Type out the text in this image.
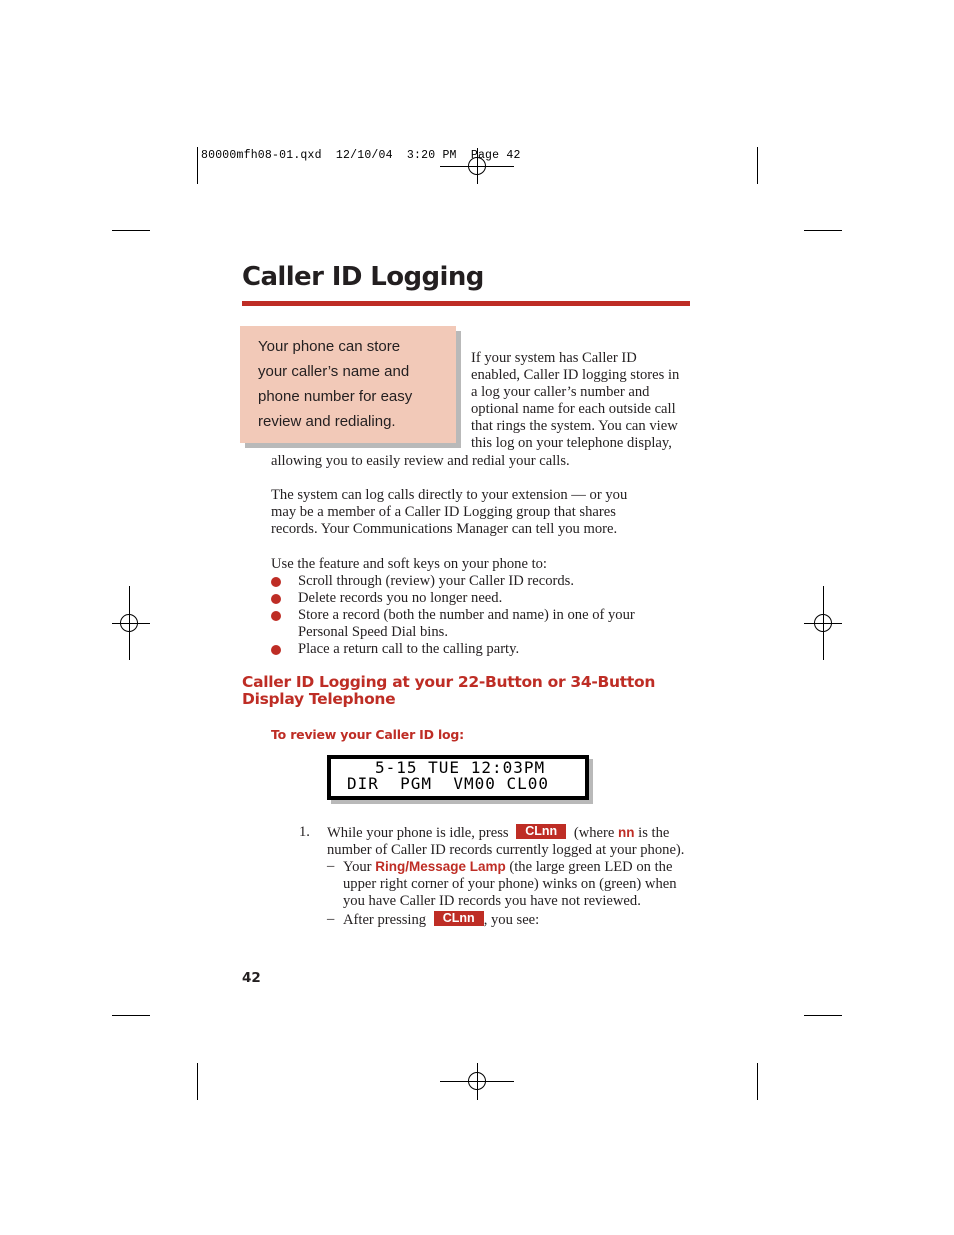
80000mfh08-01.qxd  12/10/04  3:20 PM  Page 42
Caller ID Logging
Your phone can store
your caller’s name and
phone number for easy
review and redialing.
If your system has Caller ID
enabled, Caller ID logging stores in
a log your caller’s number and
optional name for each outside call
that rings the system. You can view
this log on your telephone display,
allowing you to easily review and redial your calls.
The system can log calls directly to your extension — or you
may be a member of a Caller ID Logging group that shares
records. Your Communications Manager can tell you more.
Use the feature and soft keys on your phone to:
Scroll through (review) your Caller ID records.
Delete records you no longer need.
Store a record (both the number and name) in one of your
Personal Speed Dial bins.
Place a return call to the calling party.
Caller ID Logging at your 22-Button or 34-Button
Display Telephone
To review your Caller ID log:
5-15 TUE 12:03PM
DIR  PGM  VM00 CL00
1. While your phone is idle, press CLnn (where nn is the
number of Caller ID records currently logged at your phone).
– Your Ring/Message Lamp (the large green LED on the
upper right corner of your phone) winks on (green) when
you have Caller ID records you have not reviewed.
– After pressing CLnn , you see:
42
